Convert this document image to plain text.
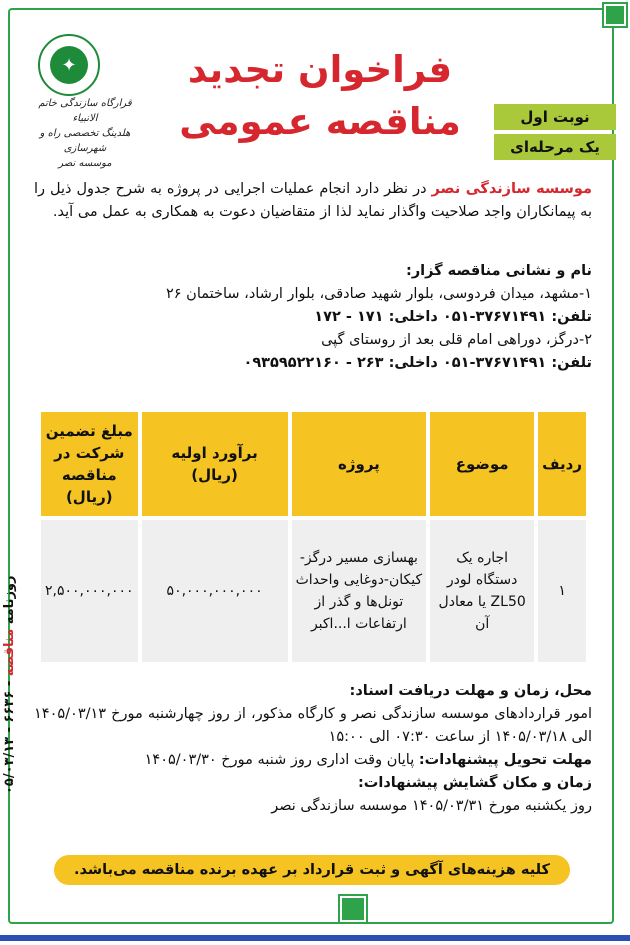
روزنامه مناقصه - ۶۶۳۶ - ۰۵/۰۳/۱۳
✦
قرارگاه سازندگی خاتم الانبیاء
هلدینگ تخصصی راه و شهرسازی
موسسه نصر
فراخوان تجدید
مناقصه عمومی	نوبت اول
یک مرحله‌ای
موسسه سازندگی نصر در نظر دارد انجام عملیات اجرایی در پروژه به شرح جدول ذیل را به پیمانکاران واجد صلاحیت واگذار نماید لذا از متقاضیان دعوت به همکاری به عمل می آید.
نام و نشانی مناقصه گزار:
۱-مشهد، میدان فردوسی، بلوار شهید صادقی، بلوار ارشاد، ساختمان ۲۶
تلفن: ۳۷۶۷۱۴۹۱-۰۵۱ داخلی: ۱۷۱ - ۱۷۲
۲-درگز، دوراهی امام قلی بعد از روستای گپی
تلفن: ۳۷۶۷۱۴۹۱-۰۵۱ داخلی: ۲۶۳ - ۰۹۳۵۹۵۲۲۱۶۰
ردیف	موضوع	پروژه	برآورد اولیه (ریال)	مبلغ تضمین شرکت در مناقصه (ریال)
۱	اجاره یک دستگاه لودر ZL50 یا معادل آن	بهسازی مسیر درگز-کیکان-دوغایی واحداث تونل‌ها و گذر از ارتفاعات ا...اکبر	۵۰,۰۰۰,۰۰۰,۰۰۰	۲,۵۰۰,۰۰۰,۰۰۰
محل، زمان و مهلت دریافت اسناد:
امور قراردادهای موسسه سازندگی نصر و کارگاه مذکور، از روز چهارشنبه مورخ ۱۴۰۵/۰۳/۱۳ الی ۱۴۰۵/۰۳/۱۸ از ساعت ۰۷:۳۰ الی ۱۵:۰۰
مهلت تحویل پیشنهادات: پایان وقت اداری روز شنبه مورخ ۱۴۰۵/۰۳/۳۰
زمان و مکان گشایش پیشنهادات:
روز یکشنبه مورخ ۱۴۰۵/۰۳/۳۱ موسسه سازندگی نصر
کلیه هزینه‌های آگهی و ثبت قرارداد بر عهده برنده مناقصه می‌باشد.
